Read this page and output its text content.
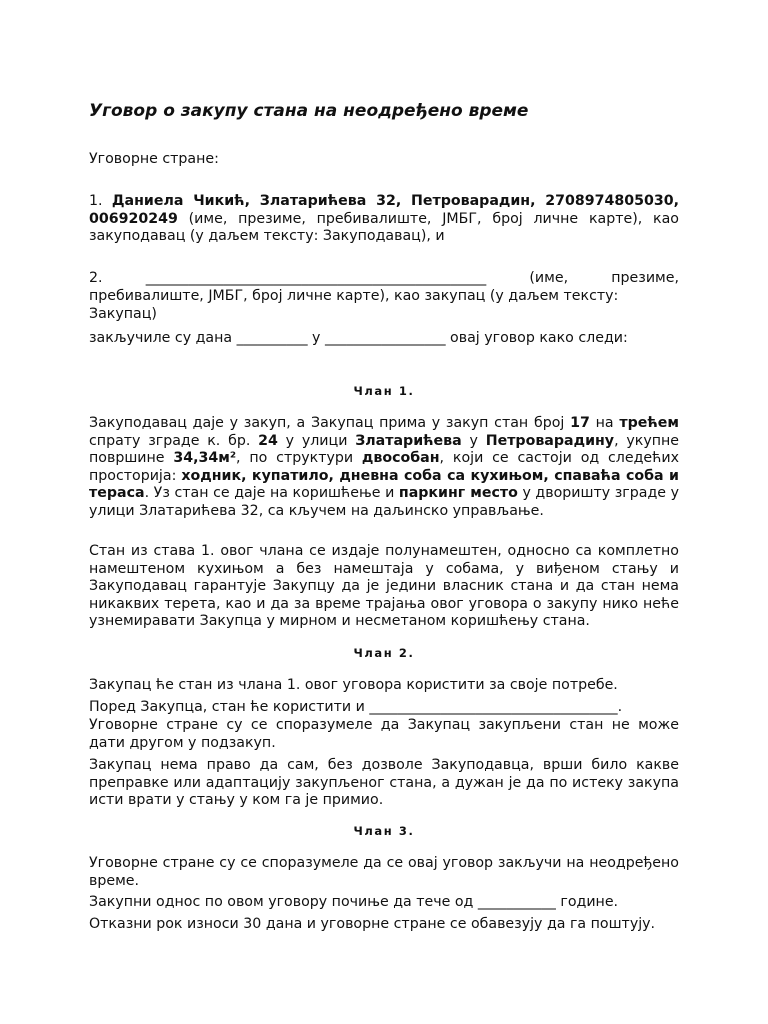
Уговор о закупу стана на неодређено време
Уговорне стране:
1. Даниела Чикић, Златарићева 32, Петроварадин, 2708974805030, 006920249 (име, презиме, пребивалиште, ЈМБГ, број личне карте), као закуподавац (у даљем тексту: Закуподавац), и
2. ________________________________________________ (име, презиме,
пребивалиште, ЈМБГ, број личне карте), као закупац (у даљем тексту: Закупац)
закључиле су дана __________ у _________________ овај уговор како следи:
Члан 1.
Закуподавац даје у закуп, а Закупац прима у закуп стан број 17 на трећем спрату зграде к. бр. 24 у улици Златарићева у Петроварадину, укупне површине 34,34м², по структури двособан, који се састоји од следећих просторија: ходник, купатило, дневна соба са кухињом, спаваћа соба и тераса. Уз стан се даје на коришћење и паркинг место у дворишту зграде у улици Златарићева 32, са кључем на даљинско управљање.
Стан из става 1. овог члана се издаје полунамештен, односно са комплетно намештеном кухињом а без намештаја у собама, у виђеном стању и Закуподавац гарантује Закупцу да је једини власник стана и да стан нема никаквих терета, као и да за време трајања овог уговора о закупу нико неће узнемиравати Закупца у мирном и несметаном коришћењу стана.
Члан 2.
Закупац ће стан из члана 1. овог уговора користити за своје потребе.
Поред Закупца, стан ће користити и ___________________________________.
Уговорне стране су се споразумеле да Закупац закупљени стан не може дати другом у подзакуп.
Закупац нема право да сам, без дозволе Закуподавца, врши било какве преправке или адаптацију закупљеног стана, а дужан је да по истеку закупа исти врати у стању у ком га је примио.
Члан 3.
Уговорне стране су се споразумеле да се овај уговор закључи на неодређено време.
Закупни однос по овом уговору почиње да тече од ___________ године.
Отказни рок износи 30 дана и уговорне стране се обавезују да га поштују.
